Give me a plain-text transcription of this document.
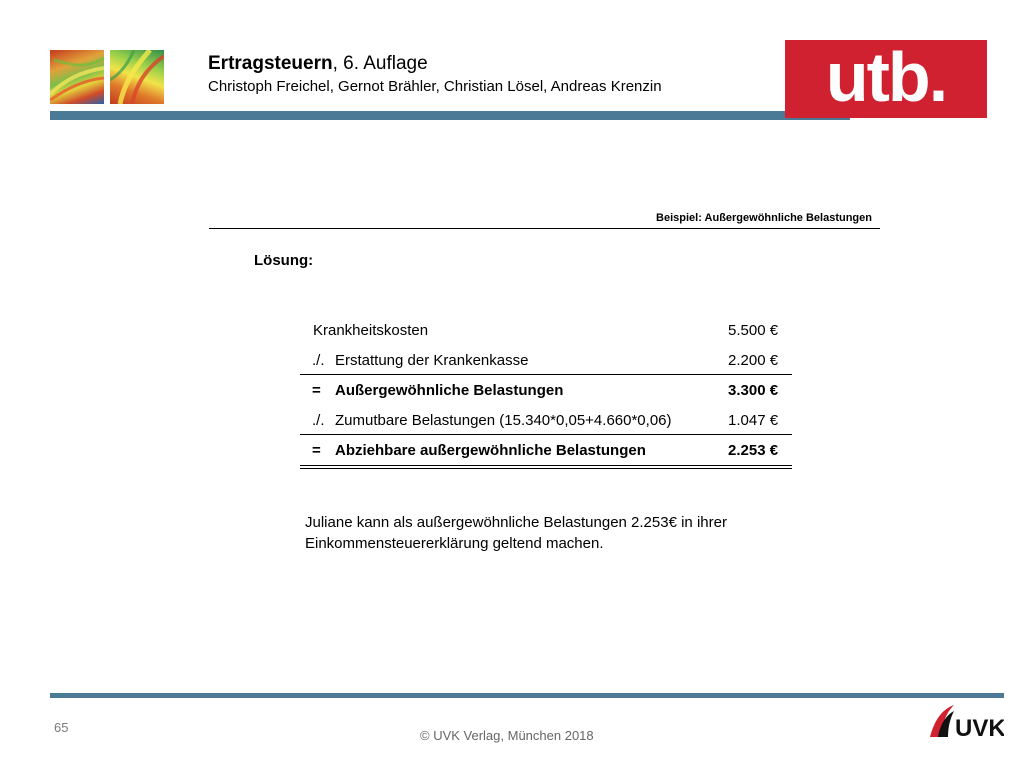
Ertragsteuern, 6. Auflage
Christoph Freichel, Gernot Brähler, Christian Lösel, Andreas Krenzin	utb.
Beispiel: Außergewöhnliche Belastungen
Lösung:
Krankheitskosten	5.500 €
./. Erstattung der Krankenkasse	2.200 €
= Außergewöhnliche Belastungen	3.300 €
./. Zumutbare Belastungen (15.340*0,05+4.660*0,06)	1.047 €
= Abziehbare außergewöhnliche Belastungen	2.253 €
Juliane kann als außergewöhnliche Belastungen 2.253€ in ihrer Einkommensteuererklärung geltend machen.
65
© UVK Verlag, München 2018	UVK
